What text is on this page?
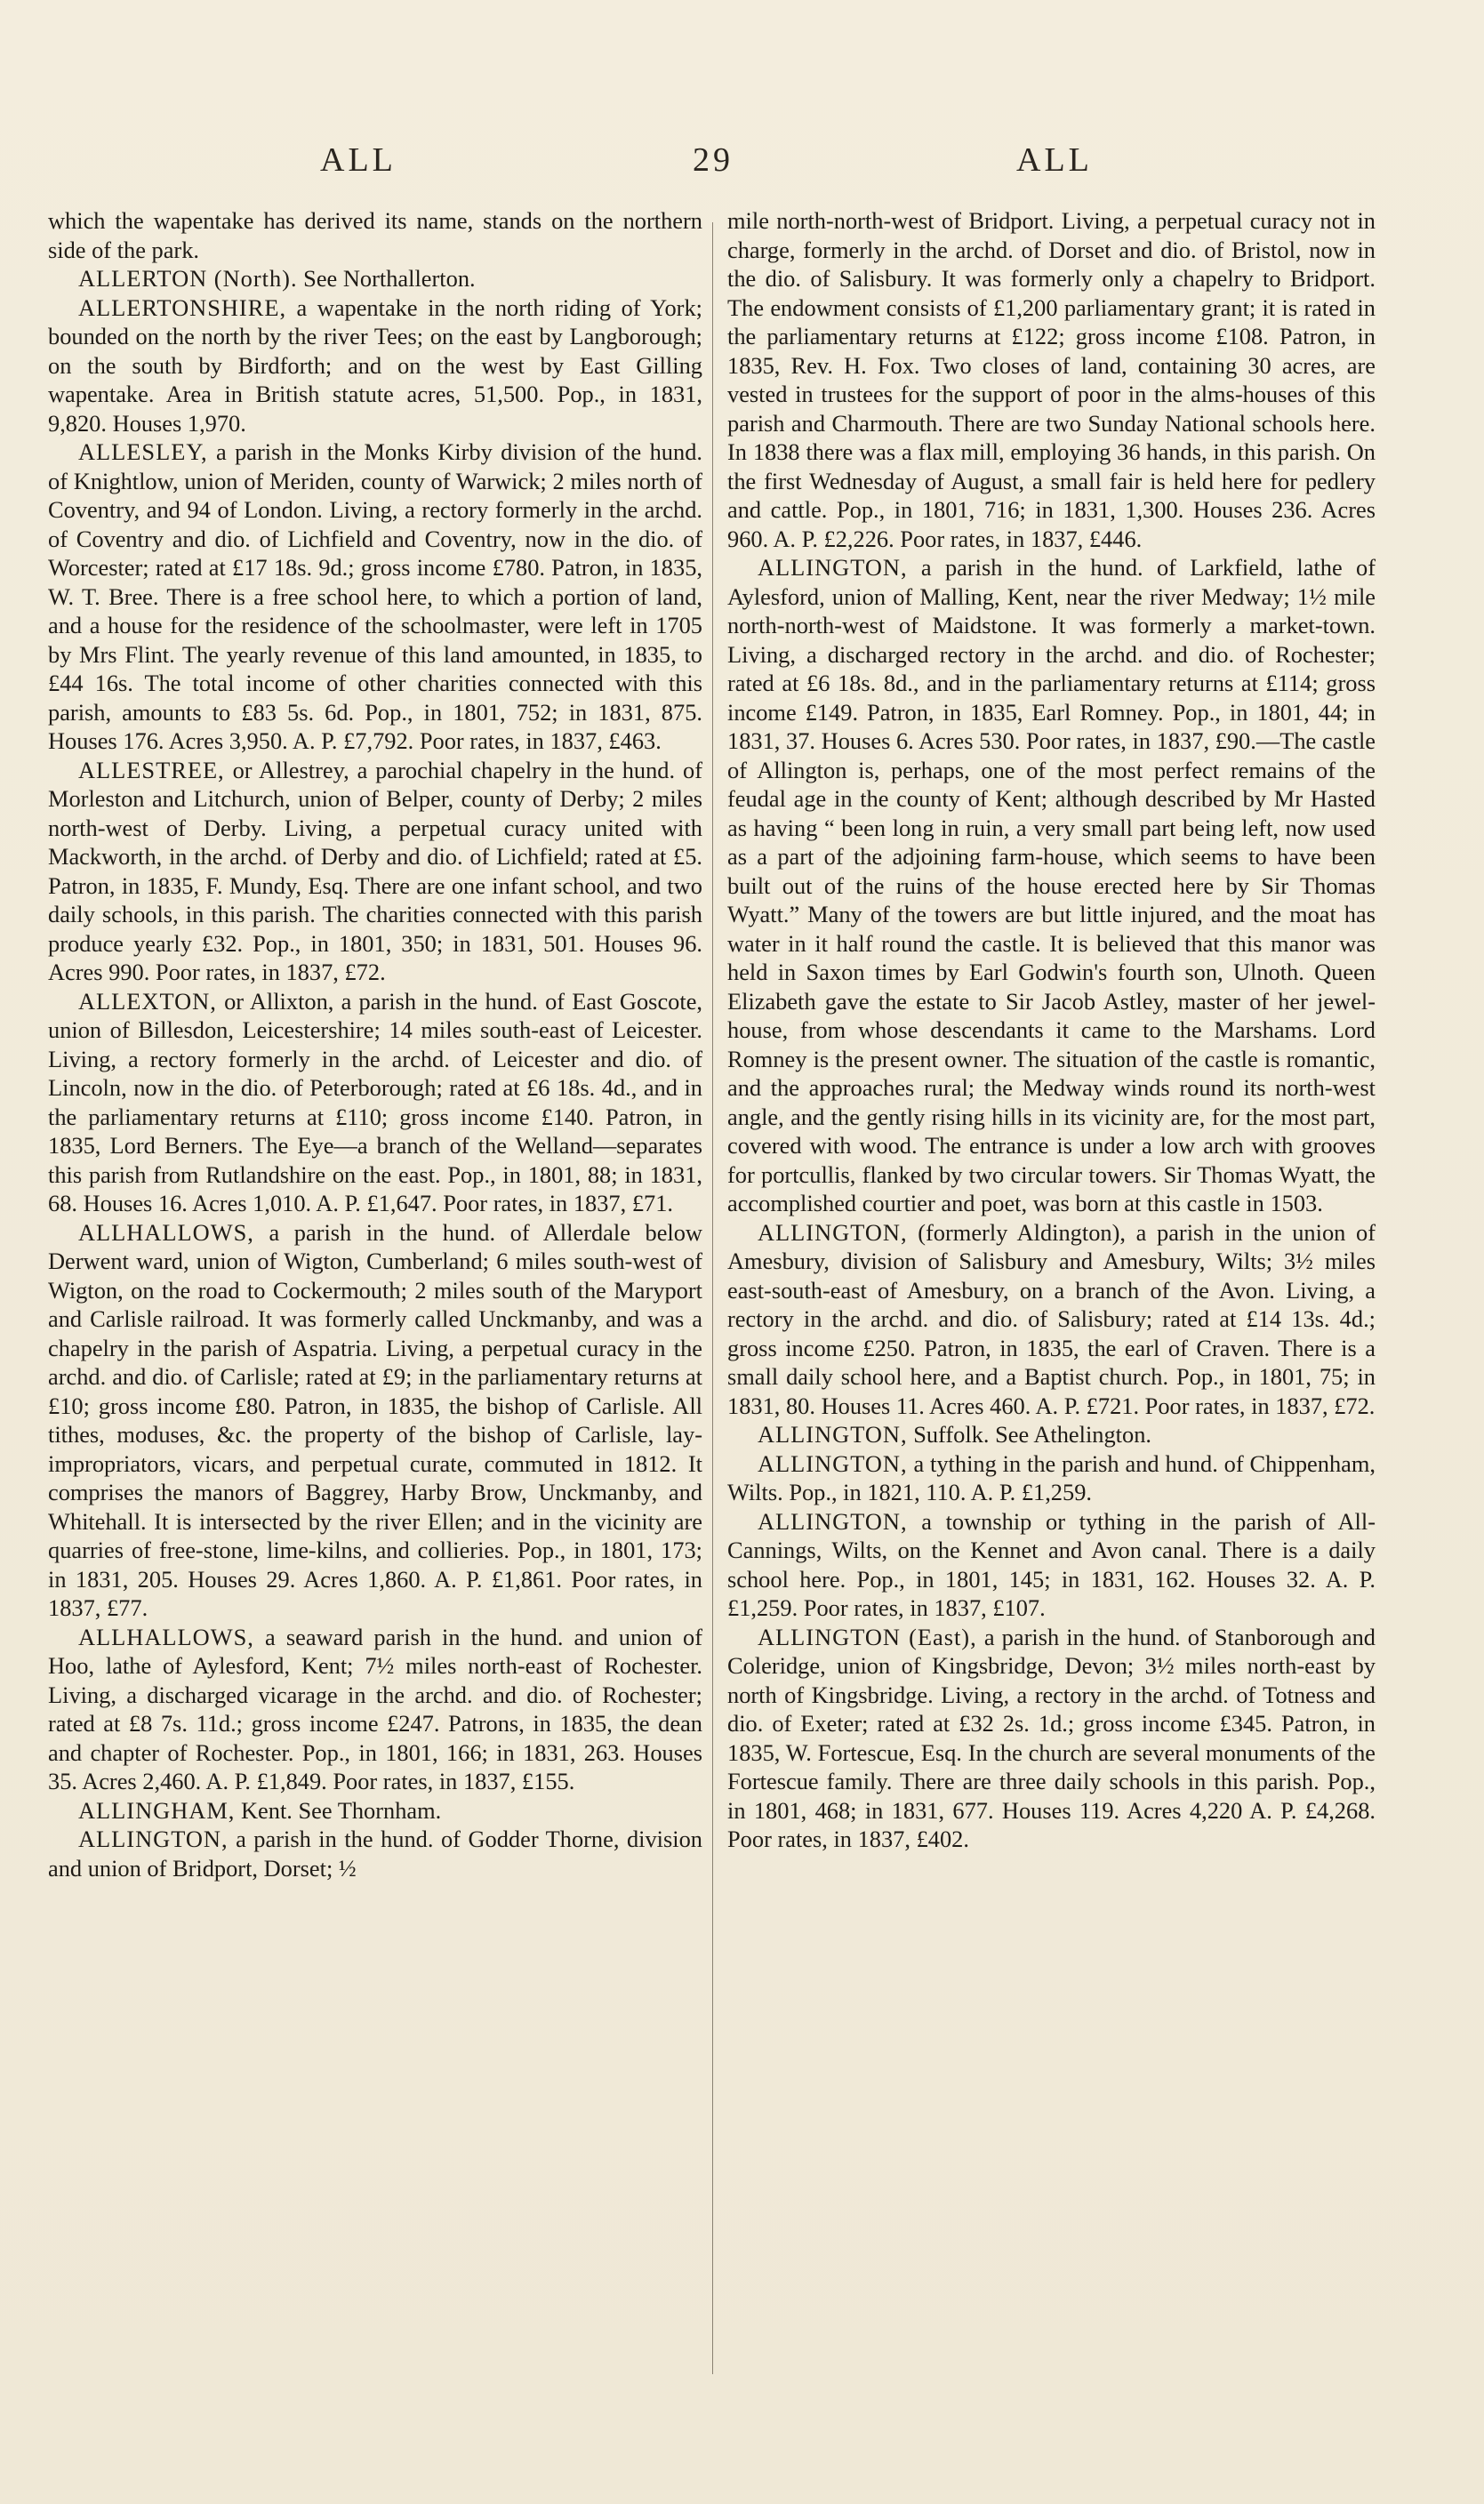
ALL	29	ALL

which the wapentake has derived its name, stands on the northern side of the park.

ALLERTON (North). See Northallerton.

ALLERTONSHIRE, a wapentake in the north riding of York; bounded on the north by the river Tees; on the east by Langborough; on the south by Birdforth; and on the west by East Gilling wapentake. Area in British statute acres, 51,500. Pop., in 1831, 9,820. Houses 1,970.

ALLESLEY, a parish in the Monks Kirby division of the hund. of Knightlow, union of Meriden, county of Warwick; 2 miles north of Coventry, and 94 of London. Living, a rectory formerly in the archd. of Coventry and dio. of Lichfield and Coventry, now in the dio. of Worcester; rated at £17 18s. 9d.; gross income £780. Patron, in 1835, W. T. Bree. There is a free school here, to which a portion of land, and a house for the residence of the schoolmaster, were left in 1705 by Mrs Flint. The yearly revenue of this land amounted, in 1835, to £44 16s. The total income of other charities connected with this parish, amounts to £83 5s. 6d. Pop., in 1801, 752; in 1831, 875. Houses 176. Acres 3,950. A. P. £7,792. Poor rates, in 1837, £463.

ALLESTREE, or Allestrey, a parochial chapelry in the hund. of Morleston and Litchurch, union of Belper, county of Derby; 2 miles north-west of Derby. Living, a perpetual curacy united with Mackworth, in the archd. of Derby and dio. of Lichfield; rated at £5. Patron, in 1835, F. Mundy, Esq. There are one infant school, and two daily schools, in this parish. The charities connected with this parish produce yearly £32. Pop., in 1801, 350; in 1831, 501. Houses 96. Acres 990. Poor rates, in 1837, £72.

ALLEXTON, or Allixton, a parish in the hund. of East Goscote, union of Billesdon, Leicestershire; 14 miles south-east of Leicester. Living, a rectory formerly in the archd. of Leicester and dio. of Lincoln, now in the dio. of Peterborough; rated at £6 18s. 4d., and in the parliamentary returns at £110; gross income £140. Patron, in 1835, Lord Berners. The Eye—a branch of the Welland—separates this parish from Rutlandshire on the east. Pop., in 1801, 88; in 1831, 68. Houses 16. Acres 1,010. A. P. £1,647. Poor rates, in 1837, £71.

ALLHALLOWS, a parish in the hund. of Allerdale below Derwent ward, union of Wigton, Cumberland; 6 miles south-west of Wigton, on the road to Cockermouth; 2 miles south of the Maryport and Carlisle railroad. It was formerly called Unckmanby, and was a chapelry in the parish of Aspatria. Living, a perpetual curacy in the archd. and dio. of Carlisle; rated at £9; in the parliamentary returns at £10; gross income £80. Patron, in 1835, the bishop of Carlisle. All tithes, moduses, &c. the property of the bishop of Carlisle, lay-impropriators, vicars, and perpetual curate, commuted in 1812. It comprises the manors of Baggrey, Harby Brow, Unckmanby, and Whitehall. It is intersected by the river Ellen; and in the vicinity are quarries of free-stone, lime-kilns, and collieries. Pop., in 1801, 173; in 1831, 205. Houses 29. Acres 1,860. A. P. £1,861. Poor rates, in 1837, £77.

ALLHALLOWS, a seaward parish in the hund. and union of Hoo, lathe of Aylesford, Kent; 7½ miles north-east of Rochester. Living, a discharged vicarage in the archd. and dio. of Rochester; rated at £8 7s. 11d.; gross income £247. Patrons, in 1835, the dean and chapter of Rochester. Pop., in 1801, 166; in 1831, 263. Houses 35. Acres 2,460. A. P. £1,849. Poor rates, in 1837, £155.

ALLINGHAM, Kent. See Thornham.

ALLINGTON, a parish in the hund. of Godder Thorne, division and union of Bridport, Dorset; ½

mile north-north-west of Bridport. Living, a perpetual curacy not in charge, formerly in the archd. of Dorset and dio. of Bristol, now in the dio. of Salisbury. It was formerly only a chapelry to Bridport. The endowment consists of £1,200 parliamentary grant; it is rated in the parliamentary returns at £122; gross income £108. Patron, in 1835, Rev. H. Fox. Two closes of land, containing 30 acres, are vested in trustees for the support of poor in the alms-houses of this parish and Charmouth. There are two Sunday National schools here. In 1838 there was a flax mill, employing 36 hands, in this parish. On the first Wednesday of August, a small fair is held here for pedlery and cattle. Pop., in 1801, 716; in 1831, 1,300. Houses 236. Acres 960. A. P. £2,226. Poor rates, in 1837, £446.

ALLINGTON, a parish in the hund. of Larkfield, lathe of Aylesford, union of Malling, Kent, near the river Medway; 1½ mile north-north-west of Maidstone. It was formerly a market-town. Living, a discharged rectory in the archd. and dio. of Rochester; rated at £6 18s. 8d., and in the parliamentary returns at £114; gross income £149. Patron, in 1835, Earl Romney. Pop., in 1801, 44; in 1831, 37. Houses 6. Acres 530. Poor rates, in 1837, £90.—The castle of Allington is, perhaps, one of the most perfect remains of the feudal age in the county of Kent; although described by Mr Hasted as having “ been long in ruin, a very small part being left, now used as a part of the adjoining farm-house, which seems to have been built out of the ruins of the house erected here by Sir Thomas Wyatt.” Many of the towers are but little injured, and the moat has water in it half round the castle. It is believed that this manor was held in Saxon times by Earl Godwin's fourth son, Ulnoth. Queen Elizabeth gave the estate to Sir Jacob Astley, master of her jewel-house, from whose descendants it came to the Marshams. Lord Romney is the present owner. The situation of the castle is romantic, and the approaches rural; the Medway winds round its north-west angle, and the gently rising hills in its vicinity are, for the most part, covered with wood. The entrance is under a low arch with grooves for portcullis, flanked by two circular towers. Sir Thomas Wyatt, the accomplished courtier and poet, was born at this castle in 1503.

ALLINGTON, (formerly Aldington), a parish in the union of Amesbury, division of Salisbury and Amesbury, Wilts; 3½ miles east-south-east of Amesbury, on a branch of the Avon. Living, a rectory in the archd. and dio. of Salisbury; rated at £14 13s. 4d.; gross income £250. Patron, in 1835, the earl of Craven. There is a small daily school here, and a Baptist church. Pop., in 1801, 75; in 1831, 80. Houses 11. Acres 460. A. P. £721. Poor rates, in 1837, £72.

ALLINGTON, Suffolk. See Athelington.

ALLINGTON, a tything in the parish and hund. of Chippenham, Wilts. Pop., in 1821, 110. A. P. £1,259.

ALLINGTON, a township or tything in the parish of All-Cannings, Wilts, on the Kennet and Avon canal. There is a daily school here. Pop., in 1801, 145; in 1831, 162. Houses 32. A. P. £1,259. Poor rates, in 1837, £107.

ALLINGTON (East), a parish in the hund. of Stanborough and Coleridge, union of Kingsbridge, Devon; 3½ miles north-east by north of Kingsbridge. Living, a rectory in the archd. of Totness and dio. of Exeter; rated at £32 2s. 1d.; gross income £345. Patron, in 1835, W. Fortescue, Esq. In the church are several monuments of the Fortescue family. There are three daily schools in this parish. Pop., in 1801, 468; in 1831, 677. Houses 119. Acres 4,220 A. P. £4,268. Poor rates, in 1837, £402.
